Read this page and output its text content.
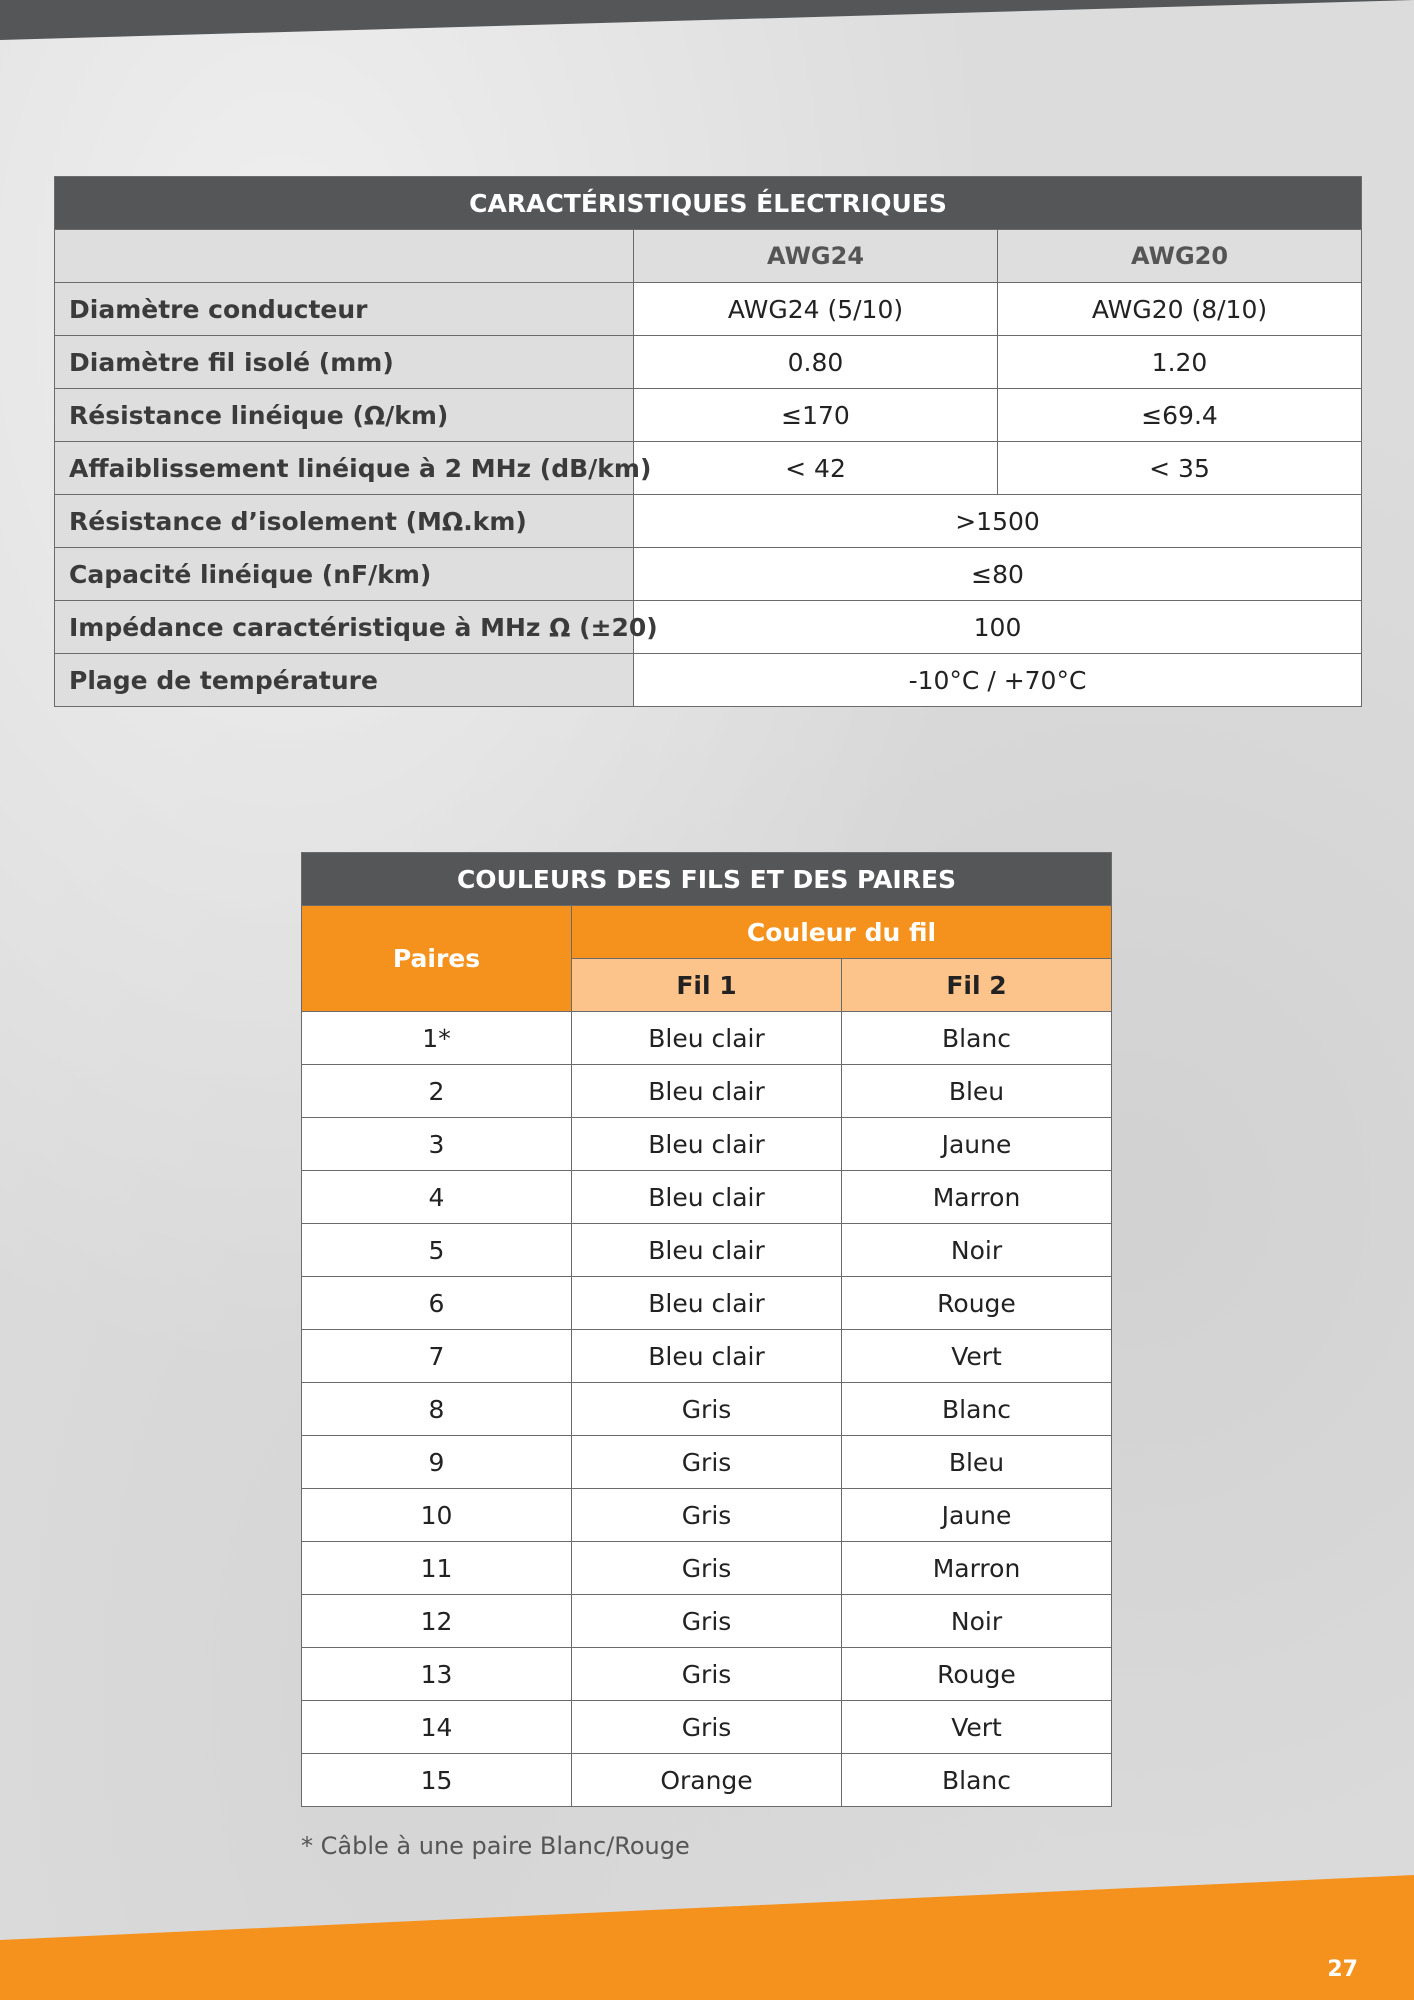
CARACTÉRISTIQUES ÉLECTRIQUES		
	AWG24	AWG20
Diamètre conducteur	AWG24 (5/10)	AWG20 (8/10)
Diamètre fil isolé (mm)	0.80	1.20
Résistance linéique (Ω/km)	≤170	≤69.4
Affaiblissement linéique à 2 MHz (dB/km)	< 42	< 35
Résistance d’isolement (MΩ.km)	>1500	
Capacité linéique (nF/km)	≤80	
Impédance caractéristique à MHz Ω (±20)	100	
Plage de température	-10°C / +70°C	
COULEURS DES FILS ET DES PAIRES		
Paires	Couleur du fil	
	Fil 1	Fil 2
1*	Bleu clair	Blanc
2	Bleu clair	Bleu
3	Bleu clair	Jaune
4	Bleu clair	Marron
5	Bleu clair	Noir
6	Bleu clair	Rouge
7	Bleu clair	Vert
8	Gris	Blanc
9	Gris	Bleu
10	Gris	Jaune
11	Gris	Marron
12	Gris	Noir
13	Gris	Rouge
14	Gris	Vert
15	Orange	Blanc
* Câble à une paire Blanc/Rouge
27
